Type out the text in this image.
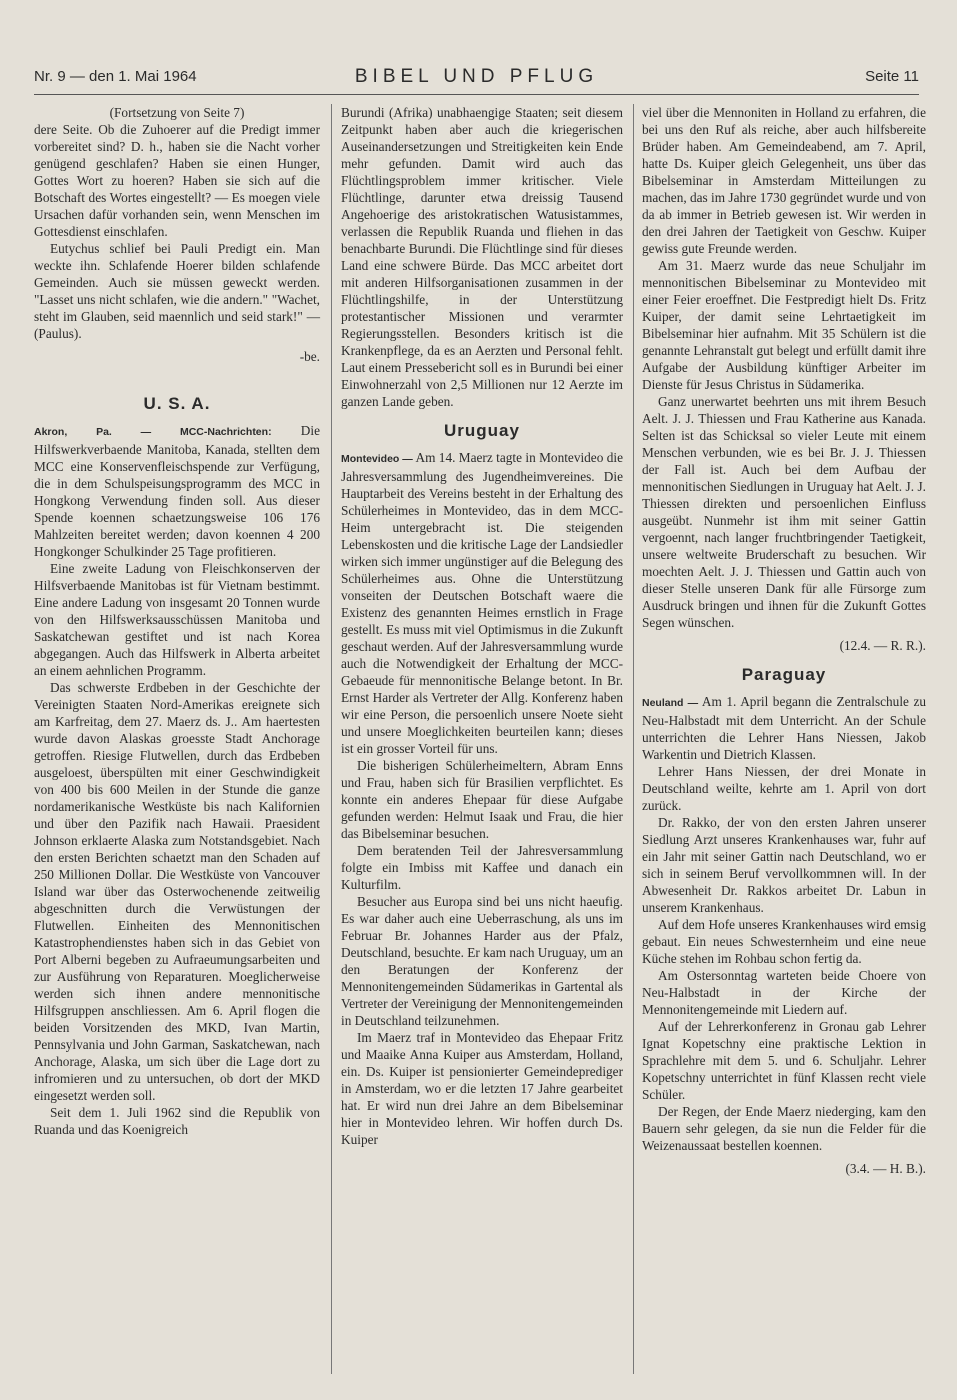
Nr. 9 — den 1. Mai 1964	BIBEL UND PFLUG	Seite 11

(Fortsetzung von Seite 7)

dere Seite. Ob die Zuhoerer auf die Predigt immer vorbereitet sind? D. h., haben sie die Nacht vorher genügend geschlafen? Haben sie einen Hunger, Gottes Wort zu hoeren? Haben sie sich auf die Botschaft des Wortes eingestellt? — Es moegen viele Ursachen dafür vorhanden sein, wenn Menschen im Gottesdienst einschlafen.

Eutychus schlief bei Pauli Predigt ein. Man weckte ihn. Schlafende Hoerer bilden schlafende Gemeinden. Auch sie müssen geweckt werden. "Lasset uns nicht schlafen, wie die andern." "Wachet, steht im Glauben, seid maennlich und seid stark!" — (Paulus).

-be.

U. S. A.

Akron, Pa. — MCC-Nachrichten: Die Hilfswerkverbaende Manitoba, Kanada, stellten dem MCC eine Konservenfleischspende zur Verfügung, die in dem Schulspeisungsprogramm des MCC in Hongkong Verwendung finden soll. Aus dieser Spende koennen schaetzungsweise 106 176 Mahlzeiten bereitet werden; davon koennen 4 200 Hongkonger Schulkinder 25 Tage profitieren.

Eine zweite Ladung von Fleischkonserven der Hilfsverbaende Manitobas ist für Vietnam bestimmt. Eine andere Ladung von insgesamt 20 Tonnen wurde von den Hilfswerksausschüssen Manitoba und Saskatchewan gestiftet und ist nach Korea abgegangen. Auch das Hilfswerk in Alberta arbeitet an einem aehnlichen Programm.

Das schwerste Erdbeben in der Geschichte der Vereinigten Staaten Nord-Amerikas ereignete sich am Karfreitag, dem 27. Maerz ds. J.. Am haertesten wurde davon Alaskas groesste Stadt Anchorage getroffen. Riesige Flutwellen, durch das Erdbeben ausgeloest, überspülten mit einer Geschwindigkeit von 400 bis 600 Meilen in der Stunde die ganze nordamerikanische Westküste bis nach Kalifornien und über den Pazifik nach Hawaii. Praesident Johnson erklaerte Alaska zum Notstandsgebiet. Nach den ersten Berichten schaetzt man den Schaden auf 250 Millionen Dollar. Die Westküste von Vancouver Island war über das Osterwochenende zeitweilig abgeschnitten durch die Verwüstungen der Flutwellen. Einheiten des Mennonitischen Katastrophendienstes haben sich in das Gebiet von Port Alberni begeben zu Aufraeumungsarbeiten und zur Ausführung von Reparaturen. Moeglicherweise werden sich ihnen andere mennonitische Hilfsgruppen anschliessen. Am 6. April flogen die beiden Vorsitzenden des MKD, Ivan Martin, Pennsylvania und John Garman, Saskatchewan, nach Anchorage, Alaska, um sich über die Lage dort zu infromieren und zu untersuchen, ob dort der MKD eingesetzt werden soll.

Seit dem 1. Juli 1962 sind die Republik von Ruanda und das Koenigreich

Burundi (Afrika) unabhaengige Staaten; seit diesem Zeitpunkt haben aber auch die kriegerischen Auseinandersetzungen und Streitigkeiten kein Ende mehr gefunden. Damit wird auch das Flüchtlingsproblem immer kritischer. Viele Flüchtlinge, darunter etwa dreissig Tausend Angehoerige des aristokratischen Watusistammes, verlassen die Republik Ruanda und fliehen in das benachbarte Burundi. Die Flüchtlinge sind für dieses Land eine schwere Bürde. Das MCC arbeitet dort mit anderen Hilfsorganisationen zusammen in der Flüchtlingshilfe, in der Unterstützung protestantischer Missionen und verarmter Regierungsstellen. Besonders kritisch ist die Krankenpflege, da es an Aerzten und Personal fehlt. Laut einem Pressebericht soll es in Burundi bei einer Einwohnerzahl von 2,5 Millionen nur 12 Aerzte im ganzen Lande geben.

Uruguay

Montevideo — Am 14. Maerz tagte in Montevideo die Jahresversammlung des Jugendheimvereines. Die Hauptarbeit des Vereins besteht in der Erhaltung des Schülerheimes in Montevideo, das in dem MCC-Heim untergebracht ist. Die steigenden Lebenskosten und die kritische Lage der Landsiedler wirken sich immer ungünstiger auf die Belegung des Schülerheimes aus. Ohne die Unterstützung vonseiten der Deutschen Botschaft waere die Existenz des genannten Heimes ernstlich in Frage gestellt. Es muss mit viel Optimismus in die Zukunft geschaut werden. Auf der Jahresversammlung wurde auch die Notwendigkeit der Erhaltung der MCC-Gebaeude für mennonitische Belange betont. In Br. Ernst Harder als Vertreter der Allg. Konferenz haben wir eine Person, die persoenlich unsere Noete sieht und unsere Moeglichkeiten beurteilen kann; dieses ist ein grosser Vorteil für uns.

Die bisherigen Schülerheimeltern, Abram Enns und Frau, haben sich für Brasilien verpflichtet. Es konnte ein anderes Ehepaar für diese Aufgabe gefunden werden: Helmut Isaak und Frau, die hier das Bibelseminar besuchen.

Dem beratenden Teil der Jahresversammlung folgte ein Imbiss mit Kaffee und danach ein Kulturfilm.

Besucher aus Europa sind bei uns nicht haeufig. Es war daher auch eine Ueberraschung, als uns im Februar Br. Johannes Harder aus der Pfalz, Deutschland, besuchte. Er kam nach Uruguay, um an den Beratungen der Konferenz der Mennonitengemeinden Südamerikas in Gartental als Vertreter der Vereinigung der Mennonitengemeinden in Deutschland teilzunehmen.

Im Maerz traf in Montevideo das Ehepaar Fritz und Maaike Anna Kuiper aus Amsterdam, Holland, ein. Ds. Kuiper ist pensionierter Gemeindeprediger in Amsterdam, wo er die letzten 17 Jahre gearbeitet hat. Er wird nun drei Jahre an dem Bibelseminar hier in Montevideo lehren. Wir hoffen durch Ds. Kuiper

viel über die Mennoniten in Holland zu erfahren, die bei uns den Ruf als reiche, aber auch hilfsbereite Brüder haben. Am Gemeindeabend, am 7. April, hatte Ds. Kuiper gleich Gelegenheit, uns über das Bibelseminar in Amsterdam Mitteilungen zu machen, das im Jahre 1730 gegründet wurde und von da ab immer in Betrieb gewesen ist. Wir werden in den drei Jahren der Taetigkeit von Geschw. Kuiper gewiss gute Freunde werden.

Am 31. Maerz wurde das neue Schuljahr im mennonitischen Bibelseminar zu Montevideo mit einer Feier eroeffnet. Die Festpredigt hielt Ds. Fritz Kuiper, der damit seine Lehrtaetigkeit im Bibelseminar hier aufnahm. Mit 35 Schülern ist die genannte Lehranstalt gut belegt und erfüllt damit ihre Aufgabe der Ausbildung künftiger Arbeiter im Dienste für Jesus Christus in Südamerika.

Ganz unerwartet beehrten uns mit ihrem Besuch Aelt. J. J. Thiessen und Frau Katherine aus Kanada. Selten ist das Schicksal so vieler Leute mit einem Menschen verbunden, wie es bei Br. J. J. Thiessen der Fall ist. Auch bei dem Aufbau der mennonitischen Siedlungen in Uruguay hat Aelt. J. J. Thiessen direkten und persoenlichen Einfluss ausgeübt. Nunmehr ist ihm mit seiner Gattin vergoennt, nach langer fruchtbringender Taetigkeit, unsere weltweite Bruderschaft zu besuchen. Wir moechten Aelt. J. J. Thiessen und Gattin auch von dieser Stelle unseren Dank für alle Fürsorge zum Ausdruck bringen und ihnen für die Zukunft Gottes Segen wünschen.

(12.4. — R. R.).

Paraguay

Neuland — Am 1. April begann die Zentralschule zu Neu-Halbstadt mit dem Unterricht. An der Schule unterrichten die Lehrer Hans Niessen, Jakob Warkentin und Dietrich Klassen.

Lehrer Hans Niessen, der drei Monate in Deutschland weilte, kehrte am 1. April von dort zurück.

Dr. Rakko, der von den ersten Jahren unserer Siedlung Arzt unseres Krankenhauses war, fuhr auf ein Jahr mit seiner Gattin nach Deutschland, wo er sich in seinem Beruf vervollkommnen will. In der Abwesenheit Dr. Rakkos arbeitet Dr. Labun in unserem Krankenhaus.

Auf dem Hofe unseres Krankenhauses wird emsig gebaut. Ein neues Schwesternheim und eine neue Küche stehen im Rohbau schon fertig da.

Am Ostersonntag warteten beide Choere von Neu-Halbstadt in der Kirche der Mennonitengemeinde mit Liedern auf.

Auf der Lehrerkonferenz in Gronau gab Lehrer Ignat Kopetschny eine praktische Lektion in Sprachlehre mit dem 5. und 6. Schuljahr. Lehrer Kopetschny unterrichtet in fünf Klassen recht viele Schüler.

Der Regen, der Ende Maerz niederging, kam den Bauern sehr gelegen, da sie nun die Felder für die Weizenaussaat bestellen koennen.

(3.4. — H. B.).
